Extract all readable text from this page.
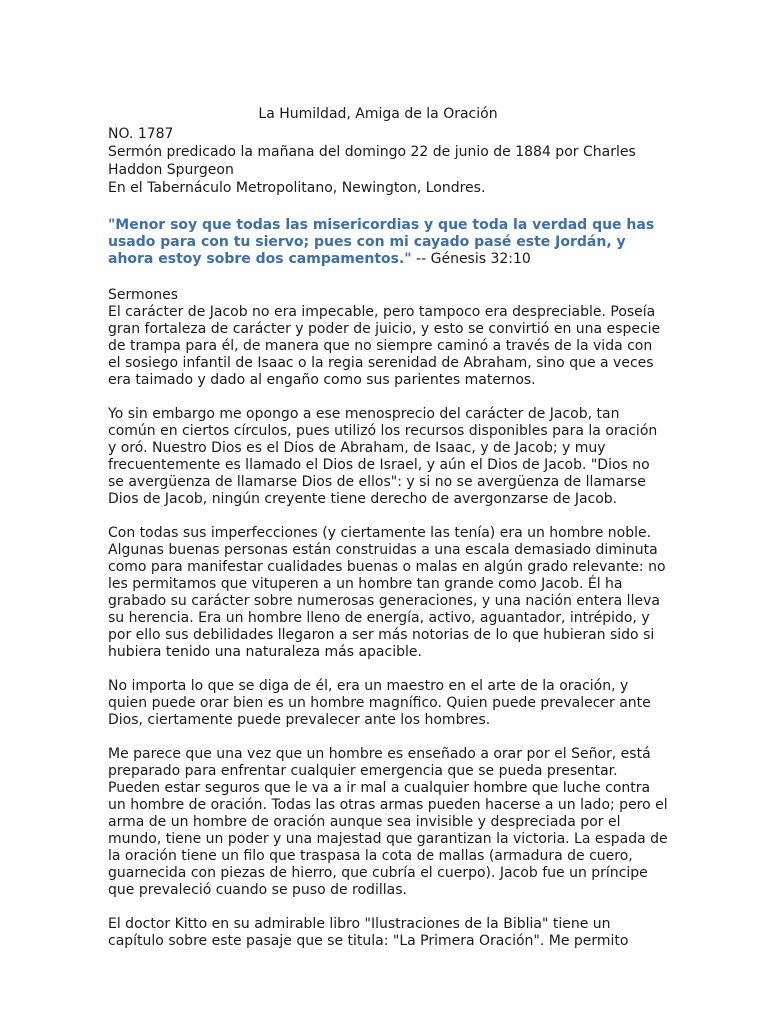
La Humildad, Amiga de la Oración
NO. 1787
Sermón predicado la mañana del domingo 22 de junio de 1884 por Charles Haddon Spurgeon
En el Tabernáculo Metropolitano, Newington, Londres.
"Menor soy que todas las misericordias y que toda la verdad que has usado para con tu siervo; pues con mi cayado pasé este Jordán, y ahora estoy sobre dos campamentos." -- Génesis 32:10
Sermones

El carácter de Jacob no era impecable, pero tampoco era despreciable. Poseía gran fortaleza de carácter y poder de juicio, y esto se convirtió en una especie de trampa para él, de manera que no siempre caminó a través de la vida con el sosiego infantil de Isaac o la regia serenidad de Abraham, sino que a veces era taimado y dado al engaño como sus parientes maternos.

Yo sin embargo me opongo a ese menosprecio del carácter de Jacob, tan común en ciertos círculos, pues utilizó los recursos disponibles para la oración y oró. Nuestro Dios es el Dios de Abraham, de Isaac, y de Jacob; y muy frecuentemente es llamado el Dios de Israel, y aún el Dios de Jacob. "Dios no se avergüenza de llamarse Dios de ellos": y si no se avergüenza de llamarse Dios de Jacob, ningún creyente tiene derecho de avergonzarse de Jacob.

Con todas sus imperfecciones (y ciertamente las tenía) era un hombre noble. Algunas buenas personas están construidas a una escala demasiado diminuta como para manifestar cualidades buenas o malas en algún grado relevante: no les permitamos que vituperen a un hombre tan grande como Jacob. Él ha grabado su carácter sobre numerosas generaciones, y una nación entera lleva su herencia. Era un hombre lleno de energía, activo, aguantador, intrépido, y por ello sus debilidades llegaron a ser más notorias de lo que hubieran sido si hubiera tenido una naturaleza más apacible.

No importa lo que se diga de él, era un maestro en el arte de la oración, y quien puede orar bien es un hombre magnífico. Quien puede prevalecer ante Dios, ciertamente puede prevalecer ante los hombres.

Me parece que una vez que un hombre es enseñado a orar por el Señor, está preparado para enfrentar cualquier emergencia que se pueda presentar. Pueden estar seguros que le va a ir mal a cualquier hombre que luche contra un hombre de oración. Todas las otras armas pueden hacerse a un lado; pero el arma de un hombre de oración aunque sea invisible y despreciada por el mundo, tiene un poder y una majestad que garantizan la victoria. La espada de la oración tiene un filo que traspasa la cota de mallas (armadura de cuero, guarnecida con piezas de hierro, que cubría el cuerpo). Jacob fue un príncipe que prevaleció cuando se puso de rodillas.

El doctor Kitto en su admirable libro "Ilustraciones de la Biblia" tiene un capítulo sobre este pasaje que se titula: "La Primera Oración". Me permito
